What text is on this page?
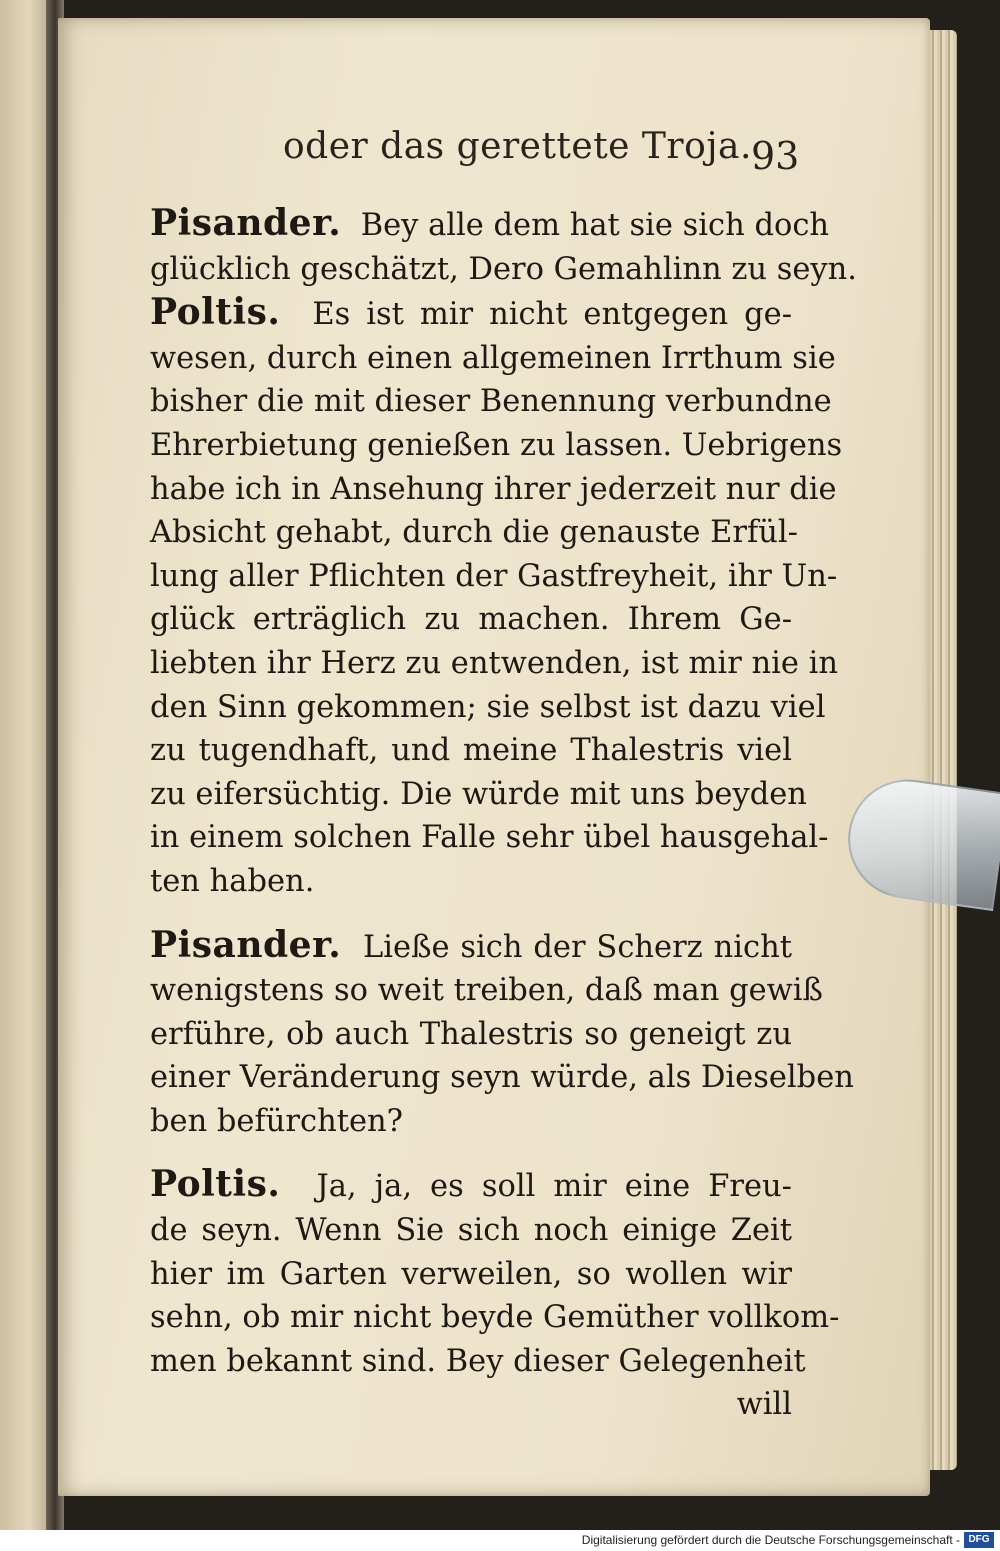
oder das gerettete Troja. 93

Pisander. Bey alle dem hat sie sich doch
glücklich geschätzt, Dero Gemahlinn zu seyn.

Poltis. Es ist mir nicht entgegen ge-
wesen, durch einen allgemeinen Irrthum sie
bisher die mit dieser Benennung verbundne
Ehrerbietung genießen zu lassen. Uebrigens
habe ich in Ansehung ihrer jederzeit nur die
Absicht gehabt, durch die genauste Erfül-
lung aller Pflichten der Gastfreyheit, ihr Un-
glück erträglich zu machen. Ihrem Ge-
liebten ihr Herz zu entwenden, ist mir nie in
den Sinn gekommen; sie selbst ist dazu viel
zu tugendhaft, und meine Thalestris viel
zu eifersüchtig. Die würde mit uns beyden
in einem solchen Falle sehr übel hausgehal-
ten haben.

Pisander. Ließe sich der Scherz nicht
wenigstens so weit treiben, daß man gewiß
erführe, ob auch Thalestris so geneigt zu
einer Veränderung seyn würde, als Dieselben
ben befürchten?

Poltis. Ja, ja, es soll mir eine Freu-
de seyn. Wenn Sie sich noch einige Zeit
hier im Garten verweilen, so wollen wir
sehn, ob mir nicht beyde Gemüther vollkom-
men bekannt sind. Bey dieser Gelegenheit
will

Digitalisierung gefördert durch die Deutsche Forschungsgemeinschaft - DFG
